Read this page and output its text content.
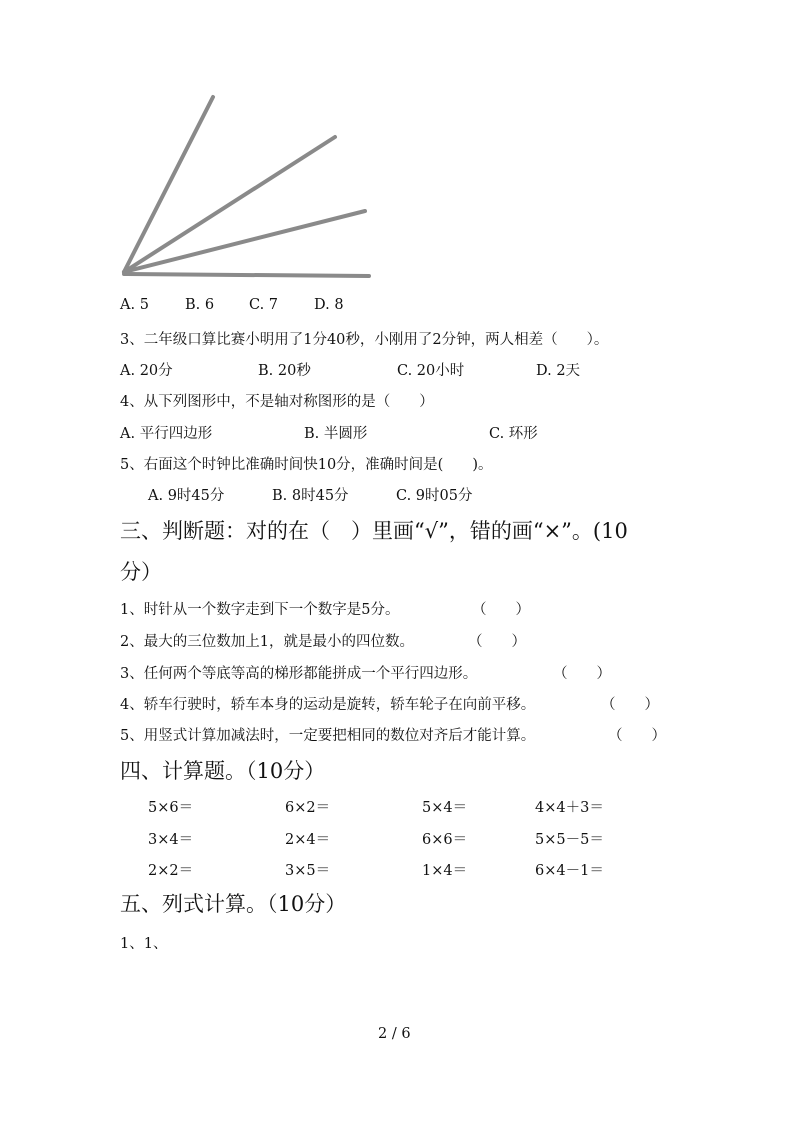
A. 5 B. 6 C. 7 D. 8
3、二年级口算比赛小明用了1分40秒，小刚用了2分钟，两人相差（　　）。
A. 20分	B. 20秒	C. 20小时	D. 2天
4、从下列图形中，不是轴对称图形的是（　　）
A. 平行四边形	B. 半圆形	C. 环形
5、右面这个时钟比准确时间快10分，准确时间是(　　)。
A. 9时45分	B. 8时45分	C. 9时05分
三、判断题：对的在（　）里画“√”，错的画“×”。(10
分）
1、时针从一个数字走到下一个数字是5分。	（　　）
2、最大的三位数加上1，就是最小的四位数。	（　　）
3、任何两个等底等高的梯形都能拼成一个平行四边形。	（　　）
4、轿车行驶时，轿车本身的运动是旋转，轿车轮子在向前平移。	（　　）
5、用竖式计算加减法时，一定要把相同的数位对齐后才能计算。	（　　）
四、计算题。（10分）
5×6＝	6×2＝	5×4＝	4×4＋3＝
3×4＝	2×4＝	6×6＝	5×5－5＝
2×2＝	3×5＝	1×4＝	6×4－1＝
五、列式计算。（10分）
1、1、
2 / 6
